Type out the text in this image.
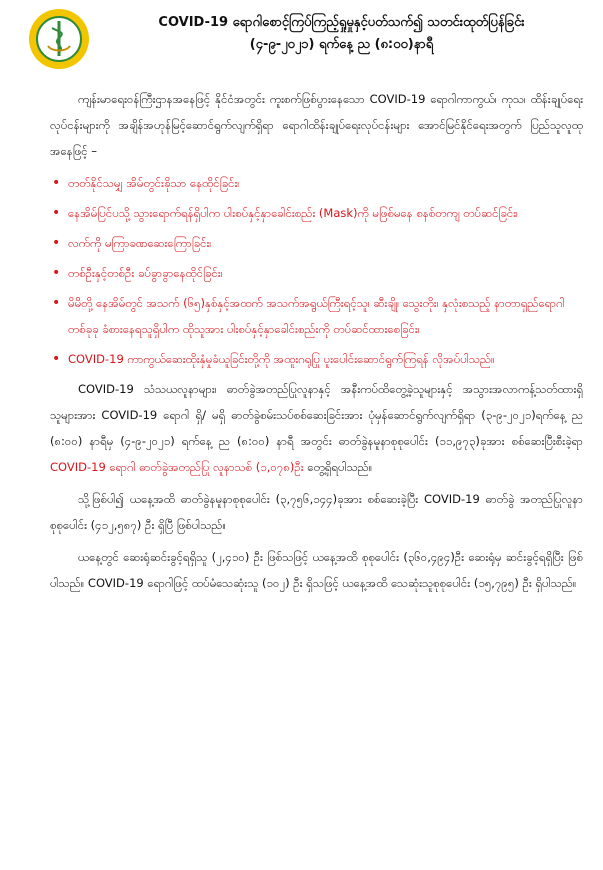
COVID-19 ရောဂါစောင့်ကြပ်ကြည့်ရှုမှုနှင့်ပတ်သက်၍ သတင်းထုတ်ပြန်ခြင်း
(၄-၉-၂၀၂၁) ရက်နေ့ ည (၈:၀၀)နာရီ

ကျန်းမာရေးဝန်ကြီးဌာနအနေဖြင့် နိုင်ငံအတွင်း ကူးစက်ဖြစ်ပွားနေသော COVID-19 ရောဂါကာကွယ်၊ ကုသ၊ ထိန်းချုပ်ရေးလုပ်ငန်းများကို အချိန်အဟုန်မြင့်ဆောင်ရွက်လျက်ရှိရာ ရောဂါထိန်းချုပ်ရေးလုပ်ငန်းများ အောင်မြင်နိုင်ရေးအတွက် ပြည်သူလူထုအနေဖြင့် –

• တတ်နိုင်သမျှ အိမ်တွင်းၶိုသာ နေထိုင်ခြင်း၊
• နေအိမ်ပြင်ပသို့ သွားရောက်ရန်ရှိပါက ပါးစပ်နှင့်နှာခေါင်းစည်း (Mask)ကို မဖြစ်မနေ စနစ်တကျ တပ်ဆင်ခြင်း၊
• လက်ကို မကြာခဏဆေးကြောခြင်း၊
• တစ်ဦးနှင့်တစ်ဦး ခပ်ခွာခွာနေထိုင်ခြင်း၊
• မိမိတို့ နေအိမ်တွင် အသက် (၆၅)နှစ်နှင့်အထက် အသက်အရွယ်ကြီးရင့်သူ၊ ဆီးချို၊ သွေးတိုး၊ နှလုံးစသည့် နာတာရှည်ရောဂါတစ်ခုခု ခံစားနေရသူရှိပါက ထိုသူအား ပါးစပ်နှင့်နှာခေါင်းစည်းကို တပ်ဆင်ထားစေခြင်း၊
• COVID-19 ကာကွယ်ဆေးထိုးနှံမှုခံယူခြင်းတို့ကို အထူးဂရုပြု ပူးပေါင်းဆောင်ရွက်ကြရန် လိုအပ်ပါသည်။

COVID-19 သံသယလူနာများ၊ ဓာတ်ခွဲအတည်ပြုလူနာနှင့် အနီးကပ်ထိတွေ့ခဲ့သူများနှင့် အသွားအလာကန့်သတ်ထားရှိသူများအား COVID-19 ရောဂါ ရှိ/ မရှိ ဓာတ်ခွဲစမ်းသပ်စစ်ဆေးခြင်းအား ပုံမှန်ဆောင်ရွက်လျက်ရှိရာ (၃-၉-၂၀၂၁)ရက်နေ့ ည (၈:၀၀) နာရီမှ (၄-၉-၂၀၂၁) ရက်နေ့ ည (၈:၀၀) နာရီ အတွင်း ဓာတ်ခွဲနမူနာစုစုပေါင်း (၁၁,၉၇၃)ခုအား စစ်ဆေးပြီးစီးခဲ့ရာ COVID-19 ရောဂါ ဓာတ်ခွဲအတည်ပြု လူနာသစ် (၁,၀၇၈)ဦး တွေ့ရှိရပါသည်။

သို့ဖြစ်ပါ၍ ယနေ့အထိ ဓာတ်ခွဲနမူနာစုစုပေါင်း (၃,၇၅၆,၁၄၄)ခုအား စစ်ဆေးခဲ့ပြီး COVID-19 ဓာတ်ခွဲ အတည်ပြုလူနာ စုစုပေါင်း (၄၁၂,၅၈၇) ဦး ရှိပြီ ဖြစ်ပါသည်။

ယနေ့တွင် ဆေးရုံဆင်းခွင့်ရရှိသူ (၂,၄၁၀) ဦး ဖြစ်သဖြင့် ယနေ့အထိ စုစုပေါင်း (၃၆၀,၄၉၄)ဦး ဆေးရုံမှ ဆင်းခွင့်ရရှိပြီး ဖြစ်ပါသည်။ COVID-19 ရောဂါဖြင့် ထပ်မံသေဆုံးသူ (၁၀၂) ဦး ရှိသဖြင့် ယနေ့အထိ သေဆုံးသူစုစုပေါင်း (၁၅,၇၉၅) ဦး ရှိပါသည်။
